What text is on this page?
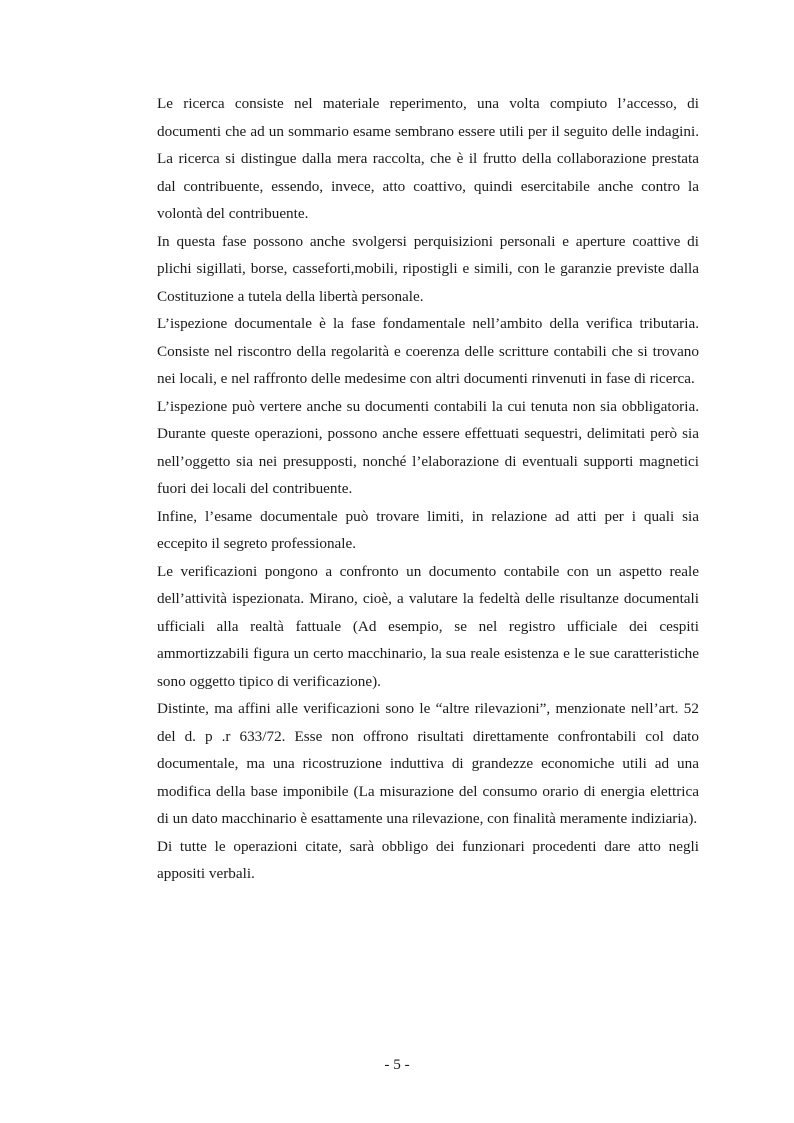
Le ricerca consiste nel materiale reperimento, una volta compiuto l’accesso, di documenti che ad un sommario esame sembrano essere utili per il seguito delle indagini. La ricerca si distingue dalla mera raccolta, che è il frutto della collaborazione prestata dal contribuente, essendo, invece, atto coattivo, quindi esercitabile anche contro la volontà del contribuente.

In questa fase possono anche svolgersi perquisizioni personali e aperture coattive di plichi sigillati, borse, casseforti,mobili, ripostigli e simili, con le garanzie previste dalla Costituzione a tutela della libertà personale.

L’ispezione documentale è la fase fondamentale nell’ambito della verifica tributaria. Consiste nel riscontro della regolarità e coerenza delle scritture contabili che si trovano nei locali, e nel raffronto delle medesime con altri documenti rinvenuti in fase di ricerca.

L’ispezione può vertere anche su documenti contabili la cui tenuta non sia obbligatoria. Durante queste operazioni, possono anche essere effettuati sequestri, delimitati però sia nell’oggetto sia nei presupposti, nonché l’elaborazione di eventuali supporti magnetici fuori dei locali del contribuente.

Infine, l’esame documentale può trovare limiti, in relazione ad atti per i quali sia eccepito il segreto professionale.

Le verificazioni pongono a confronto un documento contabile con un aspetto reale dell’attività ispezionata. Mirano, cioè, a valutare la fedeltà delle risultanze documentali ufficiali alla realtà fattuale (Ad esempio, se nel registro ufficiale dei cespiti ammortizzabili figura un certo macchinario, la sua reale esistenza e le sue caratteristiche sono oggetto tipico di verificazione).

Distinte, ma affini alle verificazioni sono le “altre rilevazioni”, menzionate nell’art. 52 del d. p .r 633/72. Esse non offrono risultati direttamente confrontabili col dato documentale, ma una ricostruzione induttiva di grandezze economiche utili ad una modifica della base imponibile (La misurazione del consumo orario di energia elettrica di un dato macchinario è esattamente una rilevazione, con finalità meramente indiziaria).

Di tutte le operazioni citate, sarà obbligo dei funzionari procedenti dare atto negli appositi verbali.

- 5 -
